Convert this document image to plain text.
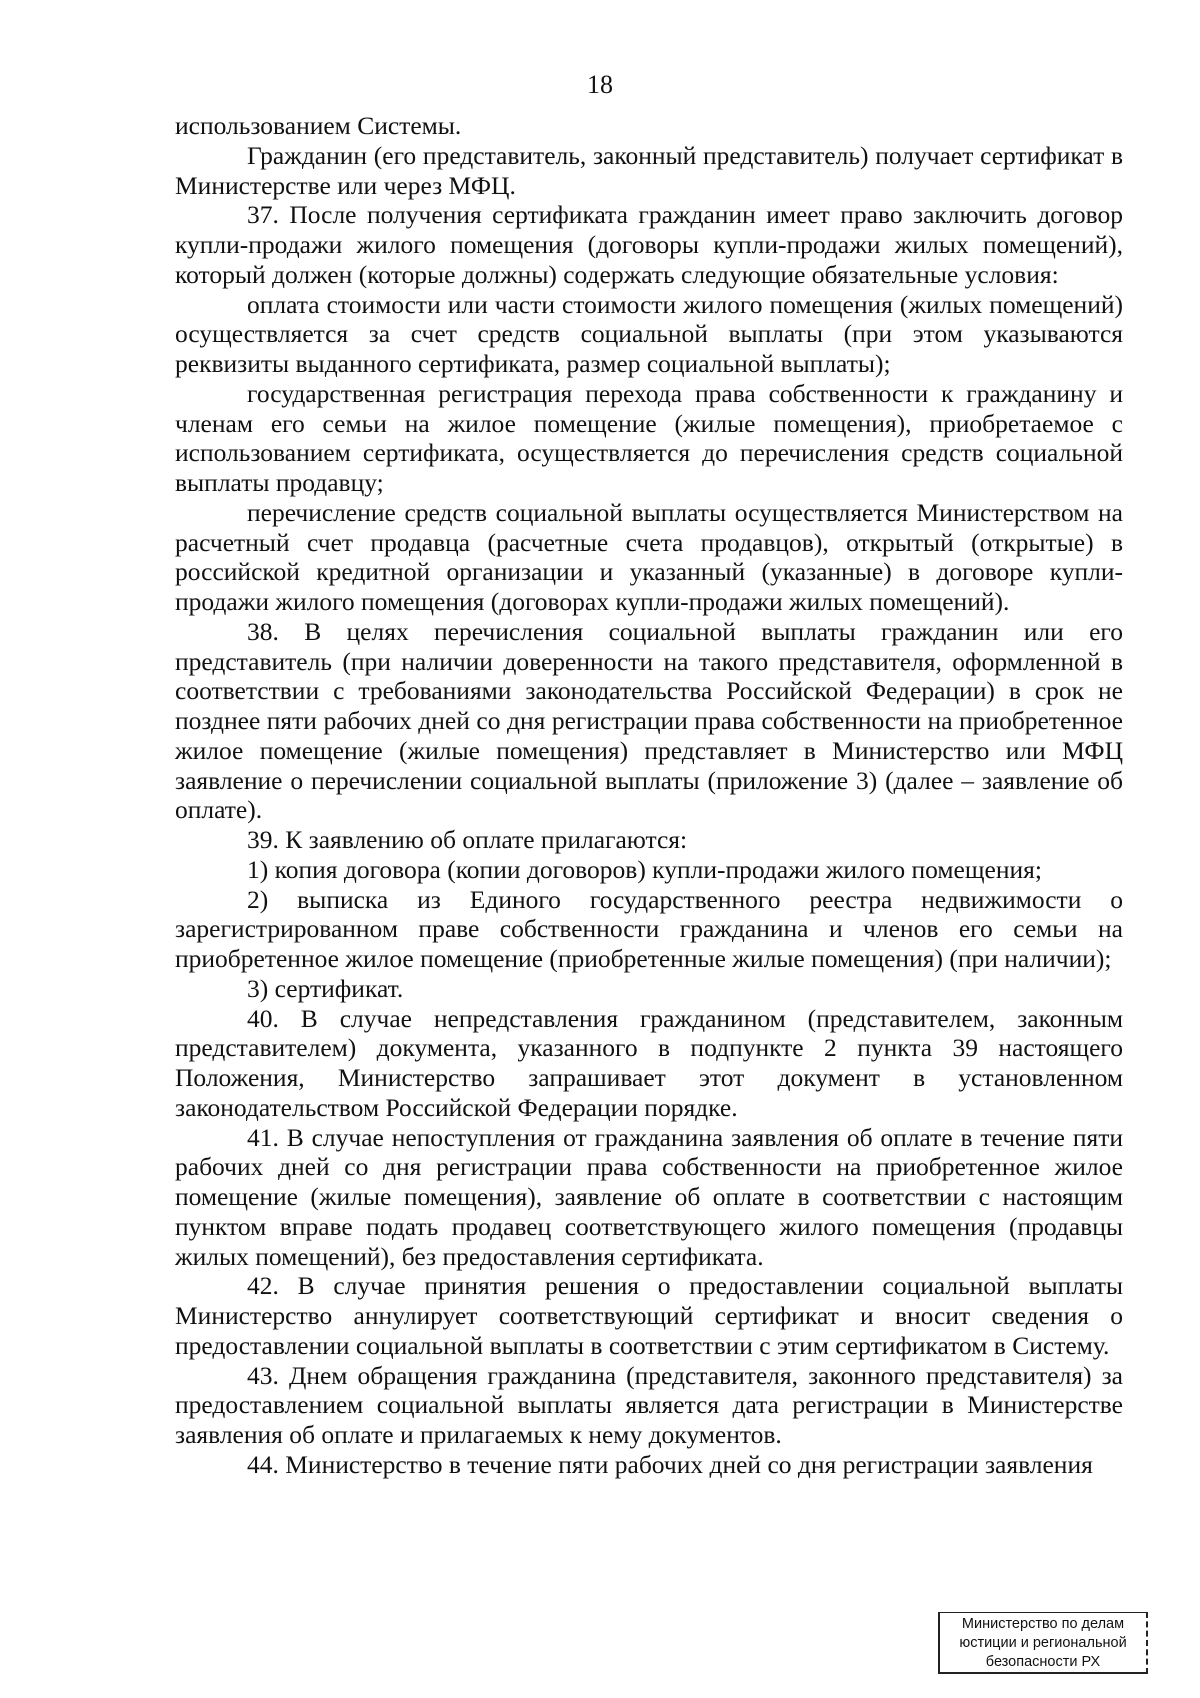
18

использованием Системы.

Гражданин (его представитель, законный представитель) получает сертификат в Министерстве или через МФЦ.

37. После получения сертификата гражданин имеет право заключить договор купли-продажи жилого помещения (договоры купли-продажи жилых помещений), который должен (которые должны) содержать следующие обязательные условия:

оплата стоимости или части стоимости жилого помещения (жилых помещений) осуществляется за счет средств социальной выплаты (при этом указываются реквизиты выданного сертификата, размер социальной выплаты);

государственная регистрация перехода права собственности к гражданину и членам его семьи на жилое помещение (жилые помещения), приобретаемое с использованием сертификата, осуществляется до перечисления средств социальной выплаты продавцу;

перечисление средств социальной выплаты осуществляется Министерством на расчетный счет продавца (расчетные счета продавцов), открытый (открытые) в российской кредитной организации и указанный (указанные) в договоре купли-продажи жилого помещения (договорах купли-продажи жилых помещений).

38. В целях перечисления социальной выплаты гражданин или его представитель (при наличии доверенности на такого представителя, оформленной в соответствии с требованиями законодательства Российской Федерации) в срок не позднее пяти рабочих дней со дня регистрации права собственности на приобретенное жилое помещение (жилые помещения) представляет в Министерство или МФЦ заявление о перечислении социальной выплаты (приложение 3) (далее – заявление об оплате).

39. К заявлению об оплате прилагаются:

1) копия договора (копии договоров) купли-продажи жилого помещения;

2) выписка из Единого государственного реестра недвижимости о зарегистрированном праве собственности гражданина и членов его семьи на приобретенное жилое помещение (приобретенные жилые помещения) (при наличии);

3) сертификат.

40. В случае непредставления гражданином (представителем, законным представителем) документа, указанного в подпункте 2 пункта 39 настоящего Положения, Министерство запрашивает этот документ в установленном законодательством Российской Федерации порядке.

41. В случае непоступления от гражданина заявления об оплате в течение пяти рабочих дней со дня регистрации права собственности на приобретенное жилое помещение (жилые помещения), заявление об оплате в соответствии с настоящим пунктом вправе подать продавец соответствующего жилого помещения (продавцы жилых помещений), без предоставления сертификата.

42. В случае принятия решения о предоставлении социальной выплаты Министерство аннулирует соответствующий сертификат и вносит сведения о предоставлении социальной выплаты в соответствии с этим сертификатом в Систему.

43. Днем обращения гражданина (представителя, законного представителя) за предоставлением социальной выплаты является дата регистрации в Министерстве заявления об оплате и прилагаемых к нему документов.

44. Министерство в течение пяти рабочих дней со дня регистрации заявления

Министерство по делам
юстиции и региональной
безопасности РХ
